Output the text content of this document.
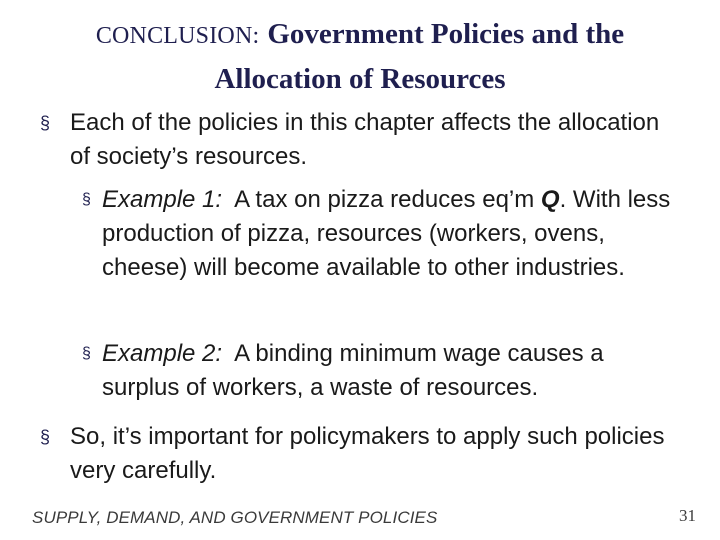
CONCLUSION: Government Policies and the
Allocation of Resources
§ Each of the policies in this chapter affects the allocation of society’s resources.
§ Example 1: A tax on pizza reduces eq’m Q. With less production of pizza, resources (workers, ovens, cheese) will become available to other industries.
§ Example 2: A binding minimum wage causes a surplus of workers, a waste of resources.
§ So, it’s important for policymakers to apply such policies very carefully.
SUPPLY, DEMAND, AND GOVERNMENT POLICIES	31
